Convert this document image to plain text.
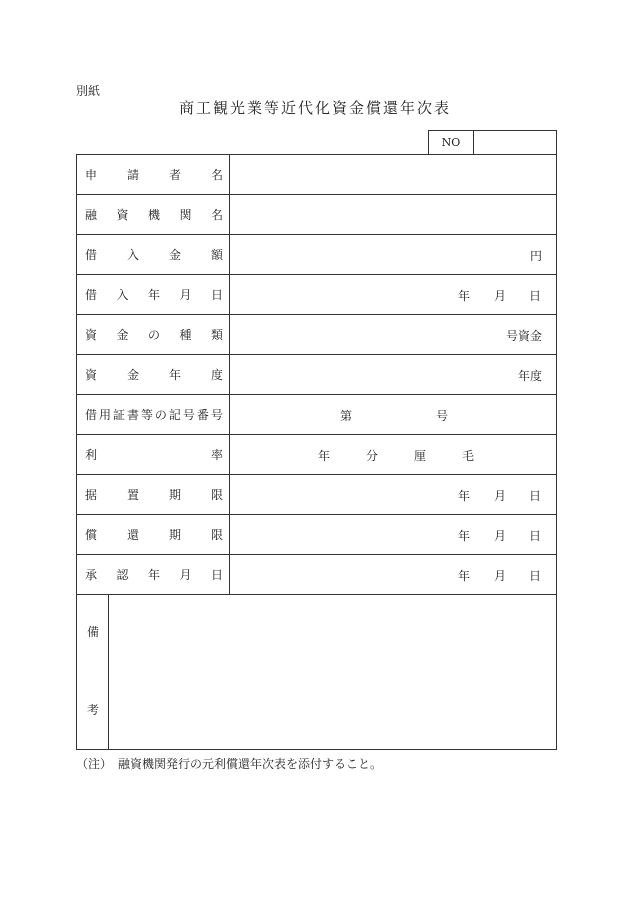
別紙
商工観光業等近代化資金償還年次表
NO
申 請 者 名
融 資 機 関 名
借 入 金 額	円
借 入 年 月 日	年 月 日
資 金 の 種 類	号資金
資 金 年 度	年度
借 用 証 書 等 の 記 号 番 号	第	号
利	率	年	分	厘	毛
据 置 期 限	年 月 日
償 還 期 限	年 月 日
承 認 年 月 日	年 月 日
備
考
（注）　融資機関発行の元利償還年次表を添付すること。
